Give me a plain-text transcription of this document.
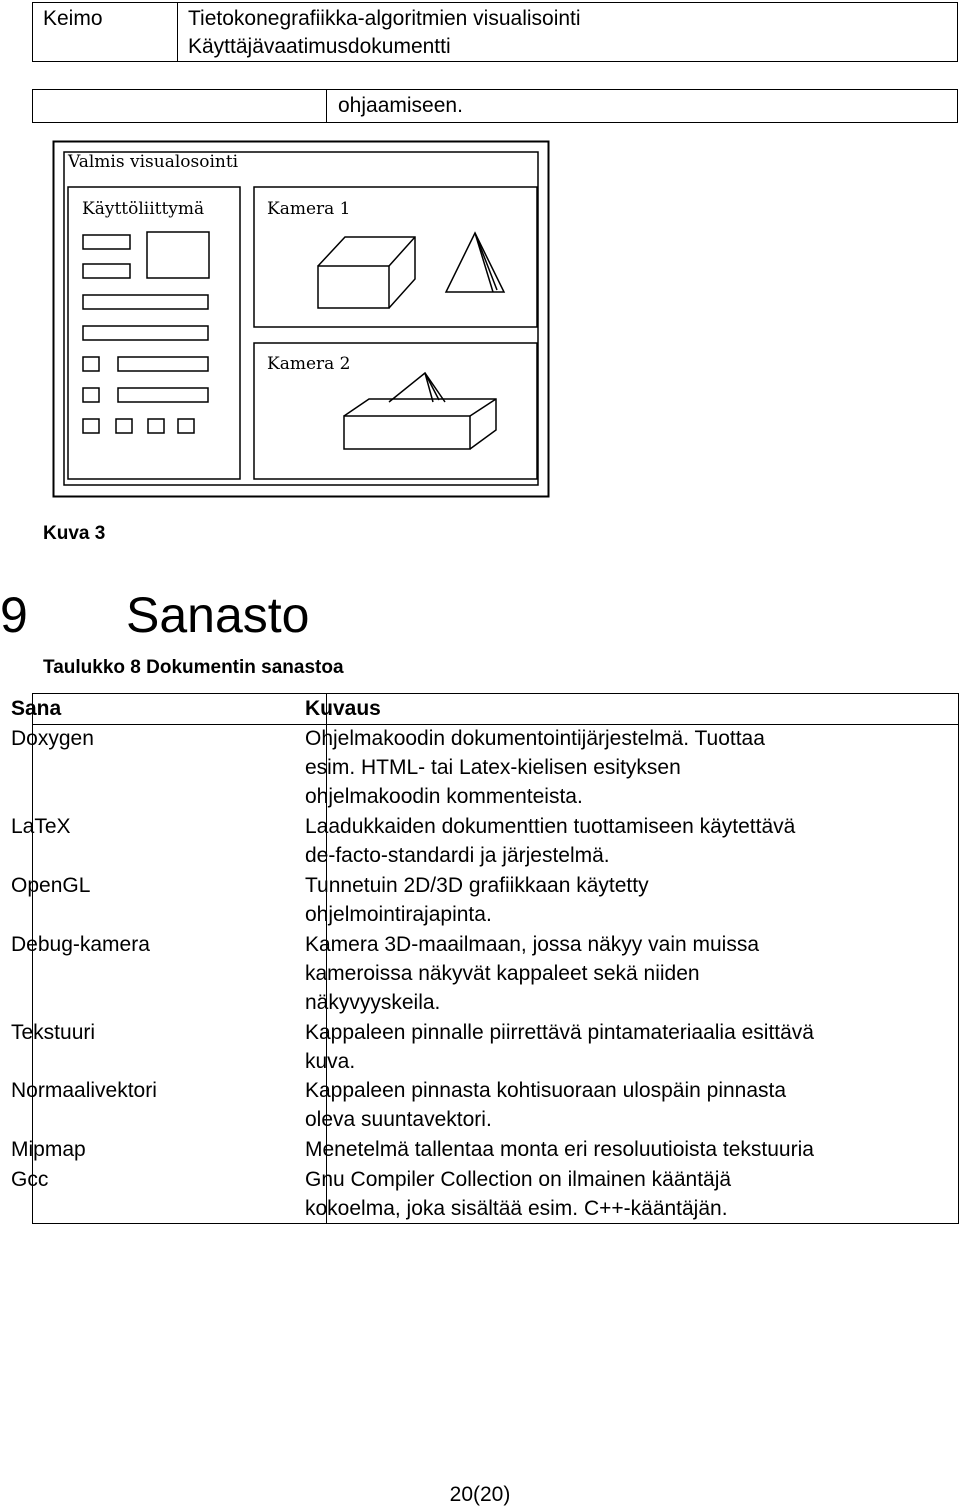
Keimo	Tietokonegrafiikka-algoritmien visualisointi
Käyttäjävaatimusdokumentti
ohjaamiseen.
Valmis visualosointi
Käyttöliittymä	Kamera 1
Kamera 2
Kuva 3
9 Sanasto
Taulukko 8 Dokumentin sanastoa
Sana	Kuvaus
Doxygen	Ohjelmakoodin dokumentointijärjestelmä. Tuottaa
esim. HTML- tai Latex-kielisen esityksen
ohjelmakoodin kommenteista.
LaTeX	Laadukkaiden dokumenttien tuottamiseen käytettävä
de-facto-standardi ja järjestelmä.
OpenGL	Tunnetuin 2D/3D grafiikkaan käytetty
ohjelmointirajapinta.
Debug-kamera	Kamera 3D-maailmaan, jossa näkyy vain muissa
kameroissa näkyvät kappaleet sekä niiden
näkyvyyskeila.
Tekstuuri	Kappaleen pinnalle piirrettävä pintamateriaalia esittävä
kuva.
Normaalivektori	Kappaleen pinnasta kohtisuoraan ulospäin pinnasta
oleva suuntavektori.
Mipmap	Menetelmä tallentaa monta eri resoluutioista tekstuuria
Gcc	Gnu Compiler Collection on ilmainen kääntäjä
kokoelma, joka sisältää esim. C++-kääntäjän.
20(20)
